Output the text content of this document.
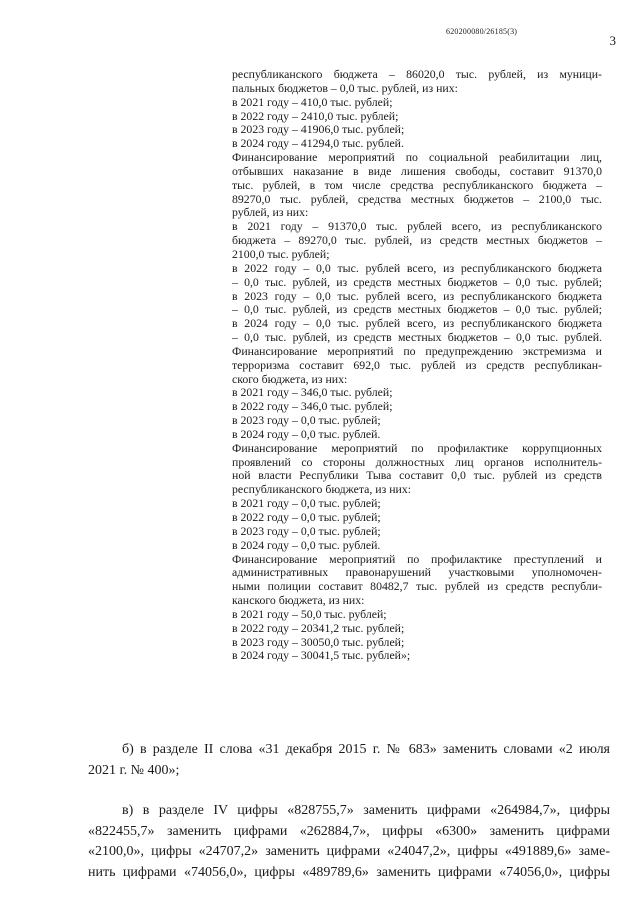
620200080/26185(3)
3
республиканского бюджета – 86020,0 тыс. рублей, из муници-
пальных бюджетов – 0,0 тыс. рублей, из них:
в 2021 году – 410,0 тыс. рублей;
в 2022 году – 2410,0 тыс. рублей;
в 2023 году – 41906,0 тыс. рублей;
в 2024 году – 41294,0 тыс. рублей.
Финансирование мероприятий по социальной реабилитации лиц,
отбывших наказание в виде лишения свободы, составит 91370,0
тыс. рублей, в том числе средства республиканского бюджета –
89270,0 тыс. рублей, средства местных бюджетов – 2100,0 тыс.
рублей, из них:
в 2021 году – 91370,0 тыс. рублей всего, из республиканского
бюджета – 89270,0 тыс. рублей, из средств местных бюджетов –
2100,0 тыс. рублей;
в 2022 году – 0,0 тыс. рублей всего, из республиканского бюджета
– 0,0 тыс. рублей, из средств местных бюджетов – 0,0 тыс. рублей;
в 2023 году – 0,0 тыс. рублей всего, из республиканского бюджета
– 0,0 тыс. рублей, из средств местных бюджетов – 0,0 тыс. рублей;
в 2024 году – 0,0 тыс. рублей всего, из республиканского бюджета
– 0,0 тыс. рублей, из средств местных бюджетов – 0,0 тыс. рублей.
Финансирование мероприятий по предупреждению экстремизма и
терроризма составит 692,0 тыс. рублей из средств республикан-
ского бюджета, из них:
в 2021 году – 346,0 тыс. рублей;
в 2022 году – 346,0 тыс. рублей;
в 2023 году – 0,0 тыс. рублей;
в 2024 году – 0,0 тыс. рублей.
Финансирование мероприятий по профилактике коррупционных
проявлений со стороны должностных лиц органов исполнитель-
ной власти Республики Тыва составит 0,0 тыс. рублей из средств
республиканского бюджета, из них:
в 2021 году – 0,0 тыс. рублей;
в 2022 году – 0,0 тыс. рублей;
в 2023 году – 0,0 тыс. рублей;
в 2024 году – 0,0 тыс. рублей.
Финансирование мероприятий по профилактике преступлений и
административных правонарушений участковыми уполномочен-
ными полиции составит 80482,7 тыс. рублей из средств республи-
канского бюджета, из них:
в 2021 году – 50,0 тыс. рублей;
в 2022 году – 20341,2 тыс. рублей;
в 2023 году – 30050,0 тыс. рублей;
в 2024 году – 30041,5 тыс. рублей»;
б) в разделе II слова «31 декабря 2015 г. № 683» заменить словами «2 июля
2021 г. № 400»;
в) в разделе IV цифры «828755,7» заменить цифрами «264984,7», цифры
«822455,7» заменить цифрами «262884,7», цифры «6300» заменить цифрами
«2100,0», цифры «24707,2» заменить цифрами «24047,2», цифры «491889,6» заме-
нить цифрами «74056,0», цифры «489789,6» заменить цифрами «74056,0», цифры
